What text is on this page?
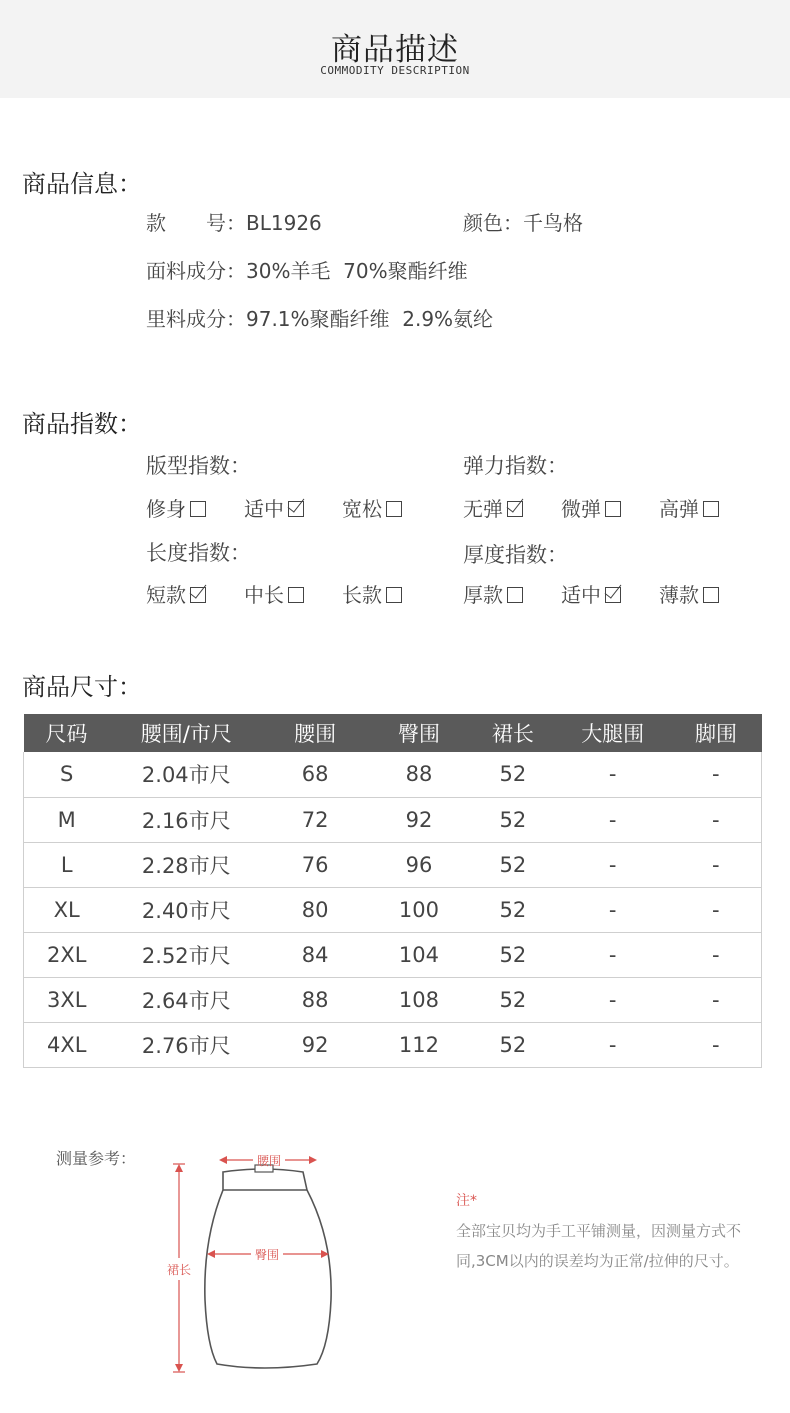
商品描述
COMMODITY DESCRIPTION
商品信息：
款　　号：BL1926	颜色：千鸟格
面料成分：30%羊毛  70%聚酯纤维
里料成分：97.1%聚酯纤维  2.9%氨纶
商品指数：
版型指数：	弹力指数：
修身	适中	宽松	无弹	微弹	高弹
长度指数：	厚度指数：
短款	中长	长款	厚款	适中	薄款
商品尺寸：
尺码	腰围/市尺	腰围	臀围	裙长	大腿围	脚围
S	2.04市尺	68	88	52	-	-
M	2.16市尺	72	92	52	-	-
L	2.28市尺	76	96	52	-	-
XL	2.40市尺	80	100	52	-	-
2XL	2.52市尺	84	104	52	-	-
3XL	2.64市尺	88	108	52	-	-
4XL	2.76市尺	92	112	52	-	-
测量参考：	腰围
臀围
裙长
注*
全部宝贝均为手工平铺测量，因测量方式不同,3CM以内的误差均为正常/拉伸的尺寸。
